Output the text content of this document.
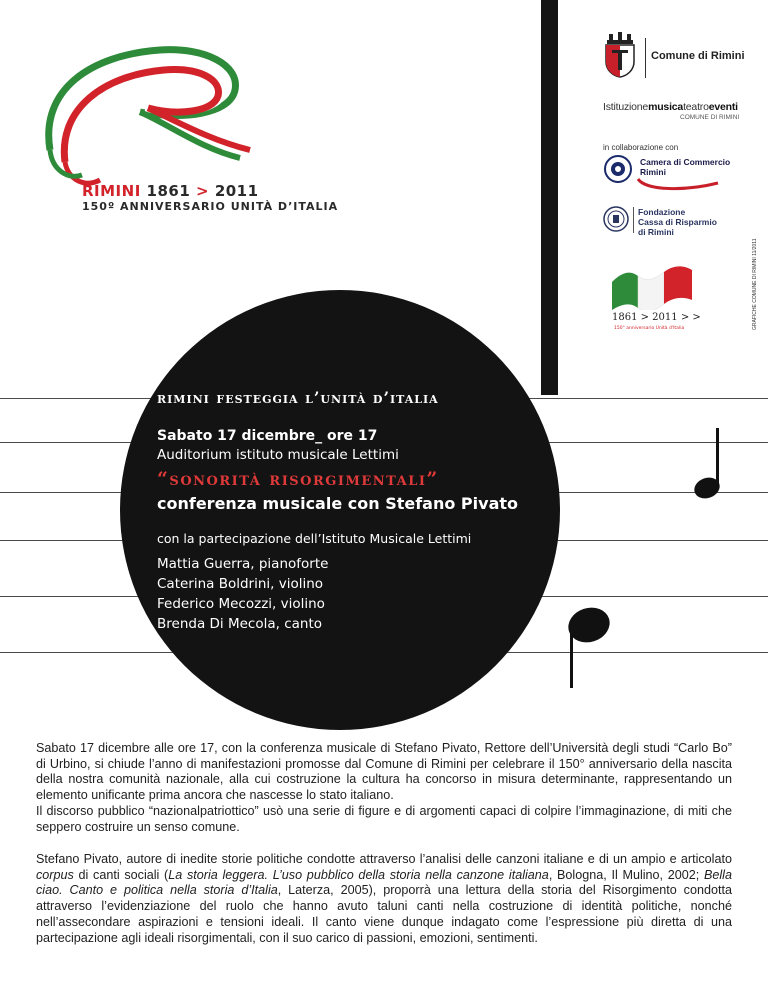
RIMINI 1861 > 2011
150º ANNIVERSARIO UNITÀ D’ITALIA
Comune di Rimini
Istituzionemusicateatroeventi
COMUNE DI RIMINI
in collaborazione con
Camera di Commercio
Rimini
Fondazione
Cassa di Risparmio
di Rimini
1861 > 2011 > >
150° anniversario Unità d'Italia	GRAFICHE COMUNE DI RIMINI 11/2011
rimini festeggia l’unità d’italia
Sabato 17 dicembre_ ore 17
Auditorium istituto musicale Lettimi
“sonorità risorgimentali”
conferenza musicale con Stefano Pivato
con la partecipazione dell’Istituto Musicale Lettimi
Mattia Guerra, pianoforte
Caterina Boldrini, violino
Federico Mecozzi, violino
Brenda Di Mecola, canto
Sabato 17 dicembre alle ore 17, con la conferenza musicale di Stefano Pivato, Rettore dell’Università degli studi “Carlo Bo” di Urbino, si chiude l’anno di manifestazioni promosse dal Comune di Rimini per celebrare il 150° anniversario della nascita della nostra comunità nazionale, alla cui costruzione la cultura ha concorso in misura determinante, rappresentando un elemento unificante prima ancora che nascesse lo stato italiano.
Il discorso pubblico “nazionalpatriottico” usò una serie di figure e di argomenti capaci di colpire l’immaginazione, di miti che seppero costruire un senso comune.
Stefano Pivato, autore di inedite storie politiche condotte attraverso l’analisi delle canzoni italiane e di un ampio e articolato corpus di canti sociali (La storia leggera. L’uso pubblico della storia nella canzone italiana, Bologna, Il Mulino, 2002; Bella ciao. Canto e politica nella storia d’Italia, Laterza, 2005), proporrà una lettura della storia del Risorgimento condotta attraverso l’evidenziazione del ruolo che hanno avuto taluni canti nella costruzione di identità politiche, nonché nell’assecondare aspirazioni e tensioni ideali. Il canto viene dunque indagato come l’espressione più diretta di una partecipazione agli ideali risorgimentali, con il suo carico di passioni, emozioni, sentimenti.
